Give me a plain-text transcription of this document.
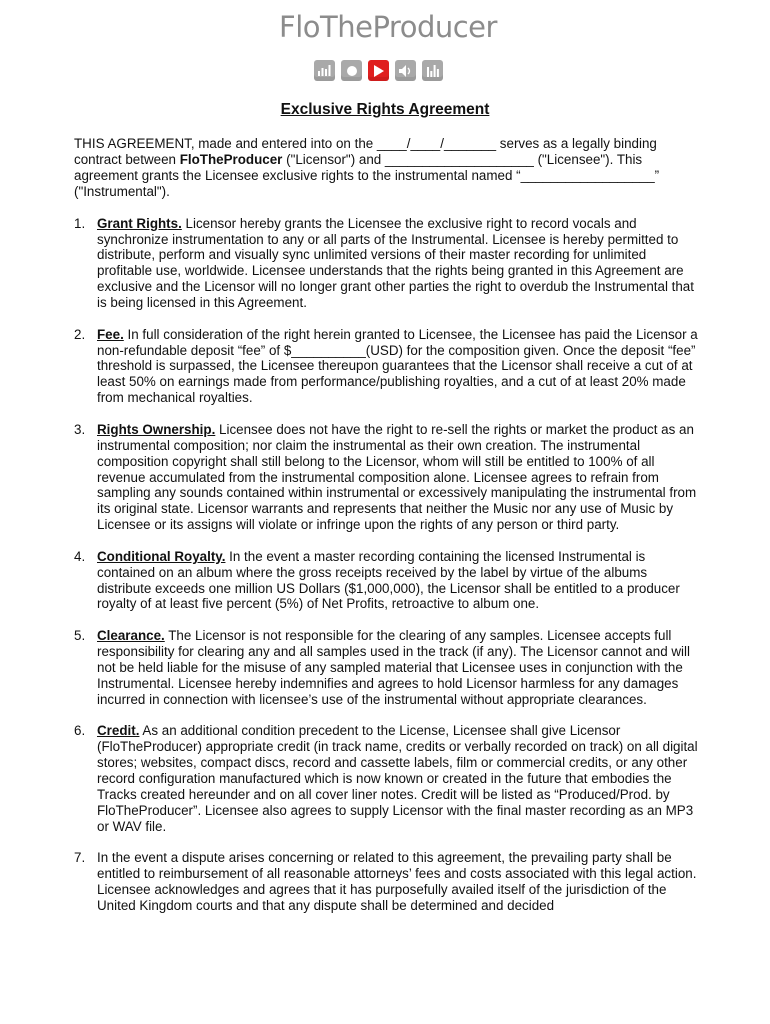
FloTheProducer
Exclusive Rights Agreement

THIS AGREEMENT, made and entered into on the ____/____/_______ serves as a legally binding contract between FloTheProducer ("Licensor") and ____________________ ("Licensee"). This agreement grants the Licensee exclusive rights to the instrumental named “__________________” ("Instrumental").

1. Grant Rights. Licensor hereby grants the Licensee the exclusive right to record vocals and synchronize instrumentation to any or all parts of the Instrumental. Licensee is hereby permitted to distribute, perform and visually sync unlimited versions of their master recording for unlimited profitable use, worldwide. Licensee understands that the rights being granted in this Agreement are exclusive and the Licensor will no longer grant other parties the right to overdub the Instrumental that is being licensed in this Agreement.
2. Fee. In full consideration of the right herein granted to Licensee, the Licensee has paid the Licensor a non-refundable deposit “fee” of $__________(USD) for the composition given. Once the deposit “fee” threshold is surpassed, the Licensee thereupon guarantees that the Licensor shall receive a cut of at least 50% on earnings made from performance/publishing royalties, and a cut of at least 20% made from mechanical royalties.
3. Rights Ownership. Licensee does not have the right to re-sell the rights or market the product as an instrumental composition; nor claim the instrumental as their own creation. The instrumental composition copyright shall still belong to the Licensor, whom will still be entitled to 100% of all revenue accumulated from the instrumental composition alone. Licensee agrees to refrain from sampling any sounds contained within instrumental or excessively manipulating the instrumental from its original state. Licensor warrants and represents that neither the Music nor any use of Music by Licensee or its assigns will violate or infringe upon the rights of any person or third party.
4. Conditional Royalty. In the event a master recording containing the licensed Instrumental is contained on an album where the gross receipts received by the label by virtue of the albums distribute exceeds one million US Dollars ($1,000,000), the Licensor shall be entitled to a producer royalty of at least five percent (5%) of Net Profits, retroactive to album one.
5. Clearance. The Licensor is not responsible for the clearing of any samples. Licensee accepts full responsibility for clearing any and all samples used in the track (if any). The Licensor cannot and will not be held liable for the misuse of any sampled material that Licensee uses in conjunction with the Instrumental. Licensee hereby indemnifies and agrees to hold Licensor harmless for any damages incurred in connection with licensee’s use of the instrumental without appropriate clearances.
6. Credit. As an additional condition precedent to the License, Licensee shall give Licensor (FloTheProducer) appropriate credit (in track name, credits or verbally recorded on track) on all digital stores; websites, compact discs, record and cassette labels, film or commercial credits, or any other record configuration manufactured which is now known or created in the future that embodies the Tracks created hereunder and on all cover liner notes. Credit will be listed as “Produced/Prod. by FloTheProducer”. Licensee also agrees to supply Licensor with the final master recording as an MP3 or WAV file.
7. In the event a dispute arises concerning or related to this agreement, the prevailing party shall be entitled to reimbursement of all reasonable attorneys’ fees and costs associated with this legal action. Licensee acknowledges and agrees that it has purposefully availed itself of the jurisdiction of the United Kingdom courts and that any dispute shall be determined and decided
